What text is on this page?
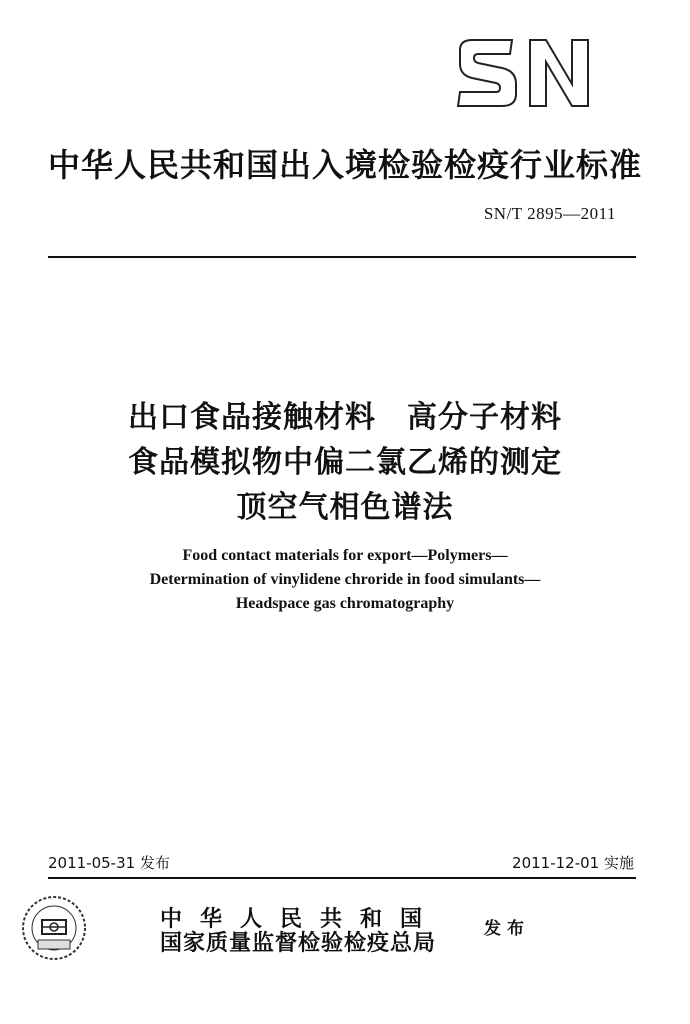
中华人民共和国出入境检验检疫行业标准
SN/T 2895—2011
出口食品接触材料　高分子材料
食品模拟物中偏二氯乙烯的测定
顶空气相色谱法
Food contact materials for export—Polymers—
Determination of vinylidene chroride in food simulants—
Headspace gas chromatography
2011-05-31 发布	2011-12-01 实施
中华人民共和国
国家质量监督检验检疫总局
发布
